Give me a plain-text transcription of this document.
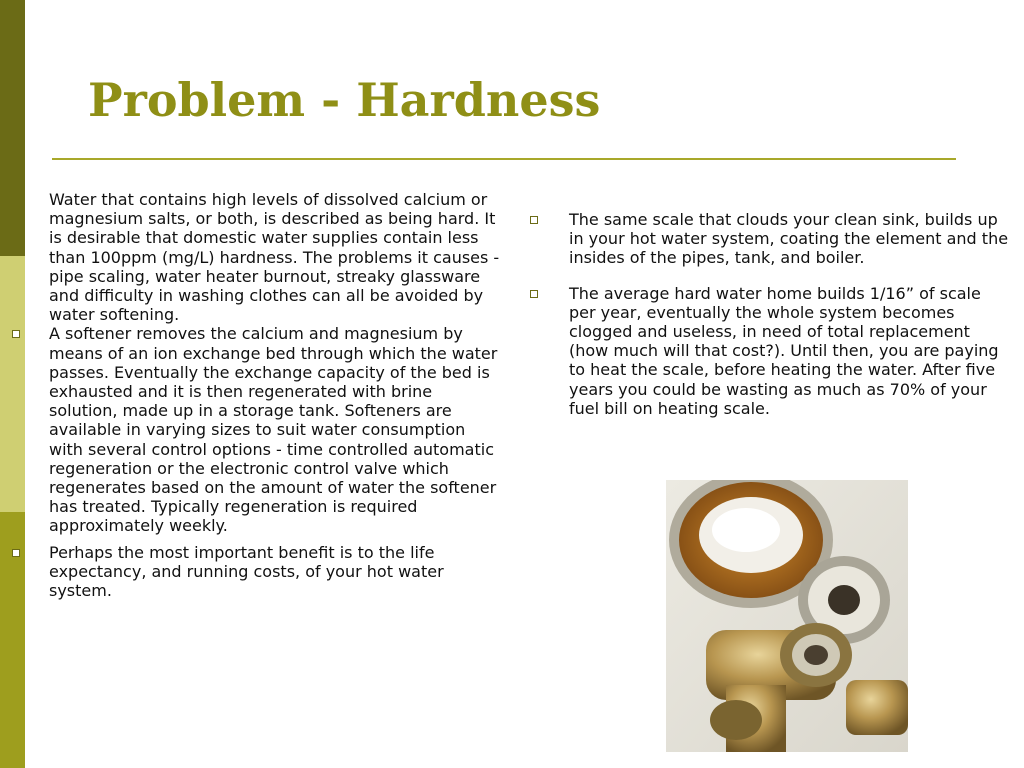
Problem - Hardness

Water that contains high levels of dissolved calcium or magnesium salts, or both, is described as being hard. It is desirable that domestic water supplies contain less than 100ppm (mg/L) hardness. The problems it causes - pipe scaling, water heater burnout, streaky glassware and difficulty in washing clothes can all be avoided by water softening.

A softener removes the calcium and magnesium by means of an ion exchange bed through which the water passes. Eventually the exchange capacity of the bed is exhausted and it is then regenerated with brine solution, made up in a storage tank. Softeners are available in varying sizes to suit water consumption with several control options - time controlled automatic regeneration or the electronic control valve which regenerates based on the amount of water the softener has treated. Typically regeneration is required approximately weekly.

Perhaps the most important benefit is to the life expectancy, and running costs, of your hot water system.

The same scale that clouds your clean sink, builds up in your hot water system, coating the element and the insides of the pipes, tank, and boiler.

The average hard water home builds 1/16” of scale per year, eventually the whole system becomes clogged and useless, in need of total replacement (how much will that cost?). Until then, you are paying to heat the scale, before heating the water. After five years you could be wasting as much as 70% of your fuel bill on heating scale.
